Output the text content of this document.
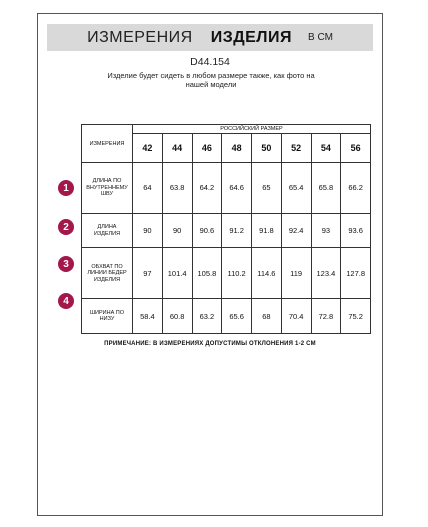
ИЗМЕРЕНИЯ ИЗДЕЛИЯ В СМ
D44.154
Изделие будет сидеть в любом размере также, как фото на
нашей модели
ИЗМЕРЕНИЯ	РОССИЙСКИЙ РАЗМЕР							
	42	44	46	48	50	52	54	56

ДЛИНА ПО
ВНУТРЕННЕМУ
ШВУ	64	63.8	64.2	64.6	65	65.4	65.8	66.2

ДЛИНА
ИЗДЕЛИЯ	90	90	90.6	91.2	91.8	92.4	93	93.6

ОБХВАТ ПО
ЛИНИИ БЕДЕР
ИЗДЕЛИЯ	97	101.4	105.8	110.2	114.6	119	123.4	127.8

ШИРИНА ПО
НИЗУ	58.4	60.8	63.2	65.6	68	70.4	72.8	75.2
1
2
3
4
ПРИМЕЧАНИЕ: В ИЗМЕРЕНИЯХ ДОПУСТИМЫ ОТКЛОНЕНИЯ 1-2 СМ
